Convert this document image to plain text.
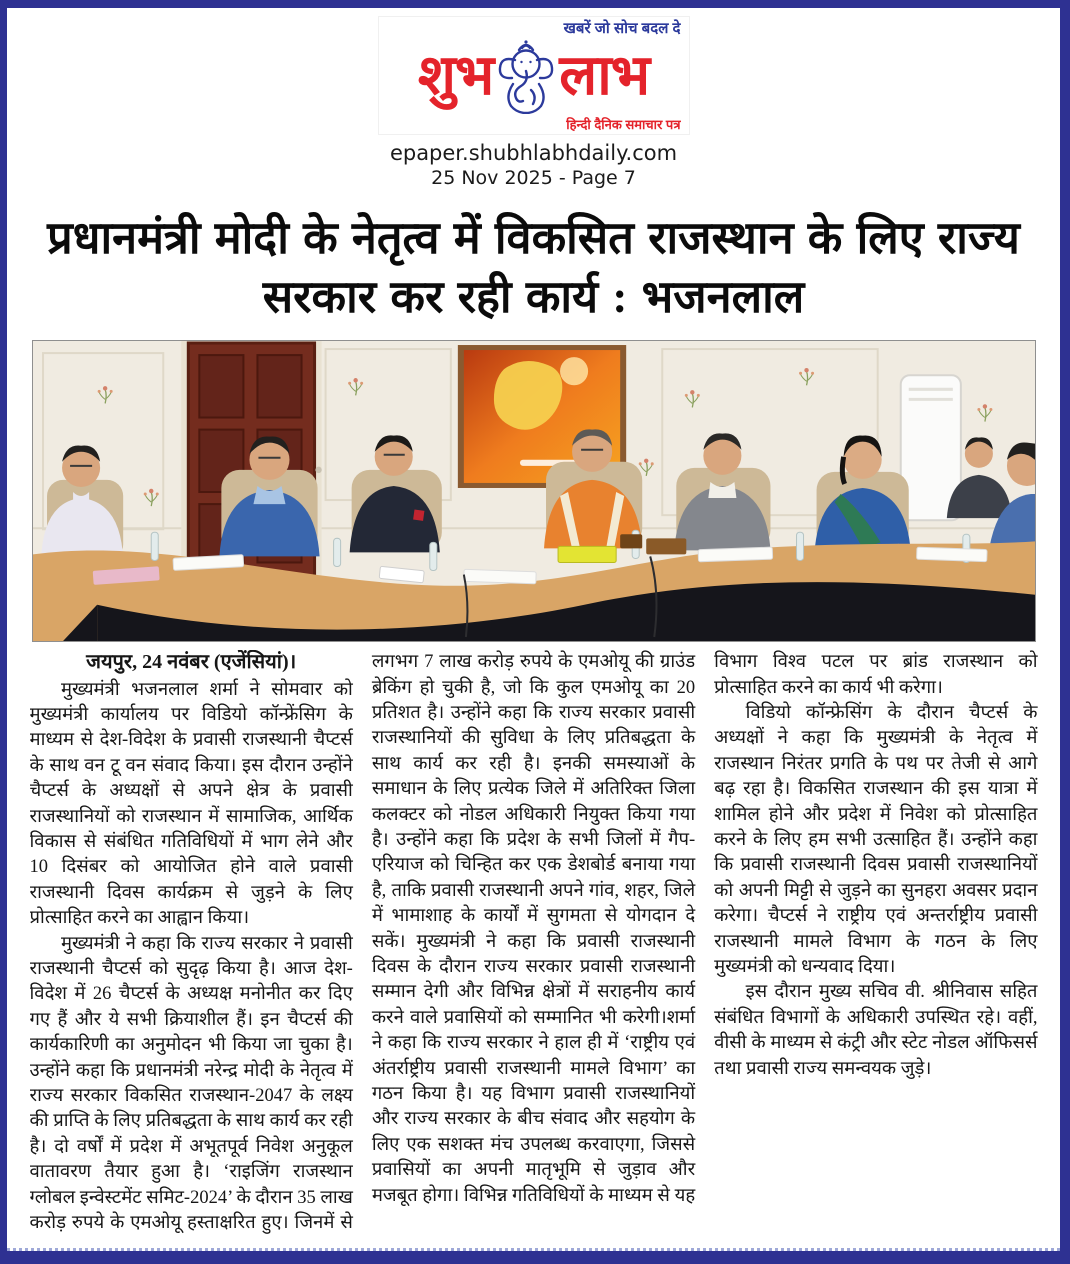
खबरें जो सोच बदल दे
शुभ लाभ
हिन्दी दैनिक समाचार पत्र
epaper.shubhlabhdaily.com
25 Nov 2025 - Page 7
प्रधानमंत्री मोदी के नेतृत्व में विकसित राजस्थान के लिए राज्य सरकार कर रही कार्य : भजनलाल
जयपुर, 24 नवंबर (एजेंसियां)।

मुख्यमंत्री भजनलाल शर्मा ने सोमवार को मुख्यमंत्री कार्यालय पर विडियो कॉन्फ्रेंसिग के माध्यम से देश-विदेश के प्रवासी राजस्थानी चैप्टर्स के साथ वन टू वन संवाद किया। इस दौरान उन्होंने चैप्टर्स के अध्यक्षों से अपने क्षेत्र के प्रवासी राजस्थानियों को राजस्थान में सामाजिक, आर्थिक विकास से संबंधित गतिविधियों में भाग लेने और 10 दिसंबर को आयोजित होने वाले प्रवासी राजस्थानी दिवस कार्यक्रम से जुड़ने के लिए प्रोत्साहित करने का आह्वान किया।

मुख्यमंत्री ने कहा कि राज्य सरकार ने प्रवासी राजस्थानी चैप्टर्स को सुदृढ़ किया है। आज देश-विदेश में 26 चैप्टर्स के अध्यक्ष मनोनीत कर दिए गए हैं और ये सभी क्रियाशील हैं। इन चैप्टर्स की कार्यकारिणी का अनुमोदन भी किया जा चुका है। उन्होंने कहा कि प्रधानमंत्री नरेन्द्र मोदी के नेतृत्व में राज्य सरकार विकसित राजस्थान-2047 के लक्ष्य की प्राप्ति के लिए प्रतिबद्धता के साथ कार्य कर रही है। दो वर्षों में प्रदेश में अभूतपूर्व निवेश अनुकूल वातावरण तैयार हुआ है। ‘राइजिंग राजस्थान ग्लोबल इन्वेस्टमेंट समिट-2024’ के दौरान 35 लाख करोड़ रुपये के एमओयू हस्ताक्षरित हुए। जिनमें से लगभग 7 लाख करोड़ रुपये के एमओयू की ग्राउंड ब्रेकिंग हो चुकी है, जो कि कुल एमओयू का 20 प्रतिशत है। उन्होंने कहा कि राज्य सरकार प्रवासी राजस्थानियों की सुविधा के लिए प्रतिबद्धता के साथ कार्य कर रही है। इनकी समस्याओं के समाधान के लिए प्रत्येक जिले में अतिरिक्त जिला कलक्टर को नोडल अधिकारी नियुक्त किया गया है। उन्होंने कहा कि प्रदेश के सभी जिलों में गैप-एरियाज को चिन्हित कर एक डेशबोर्ड बनाया गया है, ताकि प्रवासी राजस्थानी अपने गांव, शहर, जिले में भामाशाह के कार्यों में सुगमता से योगदान दे सकें। मुख्यमंत्री ने कहा कि प्रवासी राजस्थानी दिवस के दौरान राज्य सरकार प्रवासी राजस्थानी सम्मान देगी और विभिन्न क्षेत्रों में सराहनीय कार्य करने वाले प्रवासियों को सम्मानित भी करेगी।शर्मा ने कहा कि राज्य सरकार ने हाल ही में ‘राष्ट्रीय एवं अंतर्राष्ट्रीय प्रवासी राजस्थानी मामले विभाग’ का गठन किया है। यह विभाग प्रवासी राजस्थानियों और राज्य सरकार के बीच संवाद और सहयोग के लिए एक सशक्त मंच उपलब्ध करवाएगा, जिससे प्रवासियों का अपनी मातृभूमि से जुड़ाव और मजबूत होगा। विभिन्न गतिविधियों के माध्यम से यह विभाग विश्व पटल पर ब्रांड राजस्थान को प्रोत्साहित करने का कार्य भी करेगा।

विडियो कॉन्फ्रेसिंग के दौरान चैप्टर्स के अध्यक्षों ने कहा कि मुख्यमंत्री के नेतृत्व में राजस्थान निरंतर प्रगति के पथ पर तेजी से आगे बढ़ रहा है। विकसित राजस्थान की इस यात्रा में शामिल होने और प्रदेश में निवेश को प्रोत्साहित करने के लिए हम सभी उत्साहित हैं। उन्होंने कहा कि प्रवासी राजस्थानी दिवस प्रवासी राजस्थानियों को अपनी मिट्टी से जुड़ने का सुनहरा अवसर प्रदान करेगा। चैप्टर्स ने राष्ट्रीय एवं अन्तर्राष्ट्रीय प्रवासी राजस्थानी मामले विभाग के गठन के लिए मुख्यमंत्री को धन्यवाद दिया।

इस दौरान मुख्य सचिव वी. श्रीनिवास सहित संबंधित विभागों के अधिकारी उपस्थित रहे। वहीं, वीसी के माध्यम से कंट्री और स्टेट नोडल ऑफिसर्स तथा प्रवासी राज्य समन्वयक जुड़े।
